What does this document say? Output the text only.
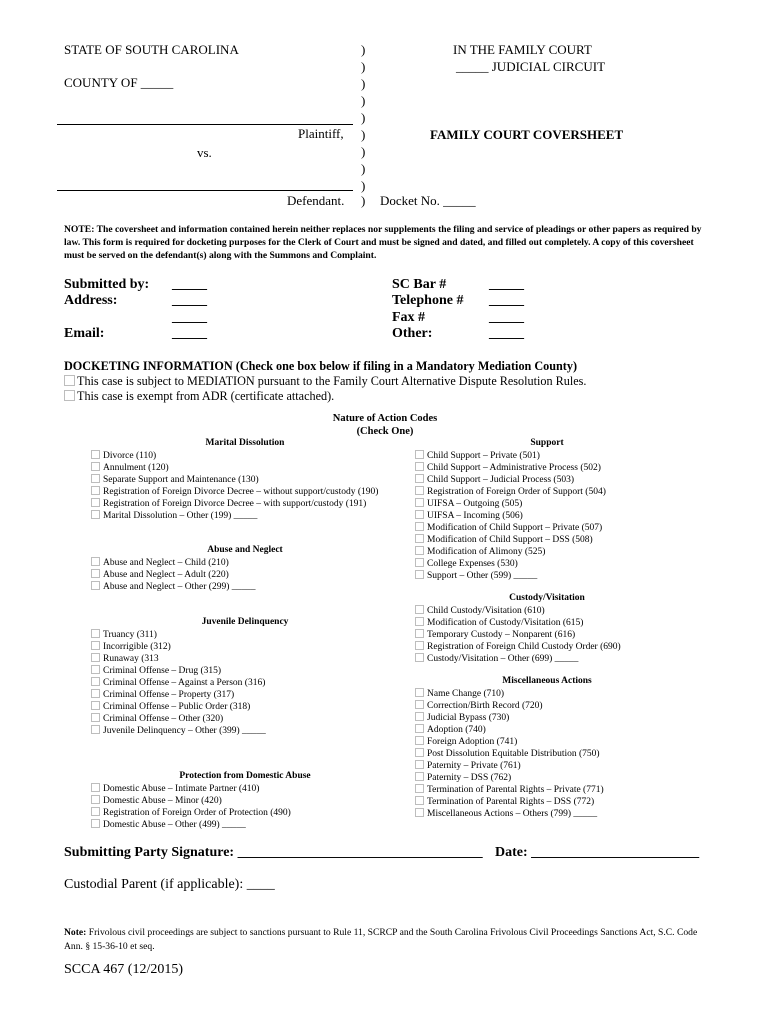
STATE OF SOUTH CAROLINA
COUNTY OF _____
Plaintiff,
vs.
Defendant.
)
)
)
)
)
)
)
)
)
)
IN THE FAMILY COURT
_____ JUDICIAL CIRCUIT
FAMILY COURT COVERSHEET
Docket No. _____
NOTE: The coversheet and information contained herein neither replaces nor supplements the filing and service of pleadings or other papers as required by law. This form is required for docketing purposes for the Clerk of Court and must be signed and dated, and filled out completely. A copy of this coversheet must be served on the defendant(s) along with the Summons and Complaint.
Submitted by:
Address:
Email:
_____
_____
_____
_____
SC Bar #
Telephone #
Fax #
Other:
_____
_____
_____
_____
DOCKETING INFORMATION (Check one box below if filing in a Mandatory Mediation County)
This case is subject to MEDIATION pursuant to the Family Court Alternative Dispute Resolution Rules.
This case is exempt from ADR (certificate attached).
Nature of Action Codes
(Check One)
Marital Dissolution
Divorce (110)
Annulment (120)
Separate Support and Maintenance (130)
Registration of Foreign Divorce Decree – without support/custody (190)
Registration of Foreign Divorce Decree – with support/custody (191)
Marital Dissolution – Other (199) _____
Abuse and Neglect
Abuse and Neglect – Child (210)
Abuse and Neglect – Adult (220)
Abuse and Neglect – Other (299) _____
Juvenile Delinquency
Truancy (311)
Incorrigible (312)
Runaway (313
Criminal Offense – Drug (315)
Criminal Offense – Against a Person (316)
Criminal Offense – Property (317)
Criminal Offense – Public Order (318)
Criminal Offense – Other (320)
Juvenile Delinquency – Other (399) _____
Protection from Domestic Abuse
Domestic Abuse – Intimate Partner (410)
Domestic Abuse – Minor (420)
Registration of Foreign Order of Protection (490)
Domestic Abuse – Other (499) _____
Support
Child Support – Private (501)
Child Support – Administrative Process (502)
Child Support – Judicial Process (503)
Registration of Foreign Order of Support (504)
UIFSA – Outgoing (505)
UIFSA – Incoming (506)
Modification of Child Support – Private (507)
Modification of Child Support – DSS (508)
Modification of Alimony (525)
College Expenses (530)
Support – Other (599) _____
Custody/Visitation
Child Custody/Visitation (610)
Modification of Custody/Visitation (615)
Temporary Custody – Nonparent (616)
Registration of Foreign Child Custody Order (690)
Custody/Visitation – Other (699) _____
Miscellaneous Actions
Name Change (710)
Correction/Birth Record (720)
Judicial Bypass (730)
Adoption (740)
Foreign Adoption (741)
Post Dissolution Equitable Distribution (750)
Paternity – Private (761)
Paternity – DSS (762)
Termination of Parental Rights – Private (771)
Termination of Parental Rights – DSS (772)
Miscellaneous Actions – Others (799) _____
Submitting Party Signature: ___________________________________ Date: ________________________
Custodial Parent (if applicable): ____
Note: Frivolous civil proceedings are subject to sanctions pursuant to Rule 11, SCRCP and the South Carolina Frivolous Civil Proceedings Sanctions Act, S.C. Code Ann. § 15-36-10 et seq.
SCCA 467 (12/2015)
